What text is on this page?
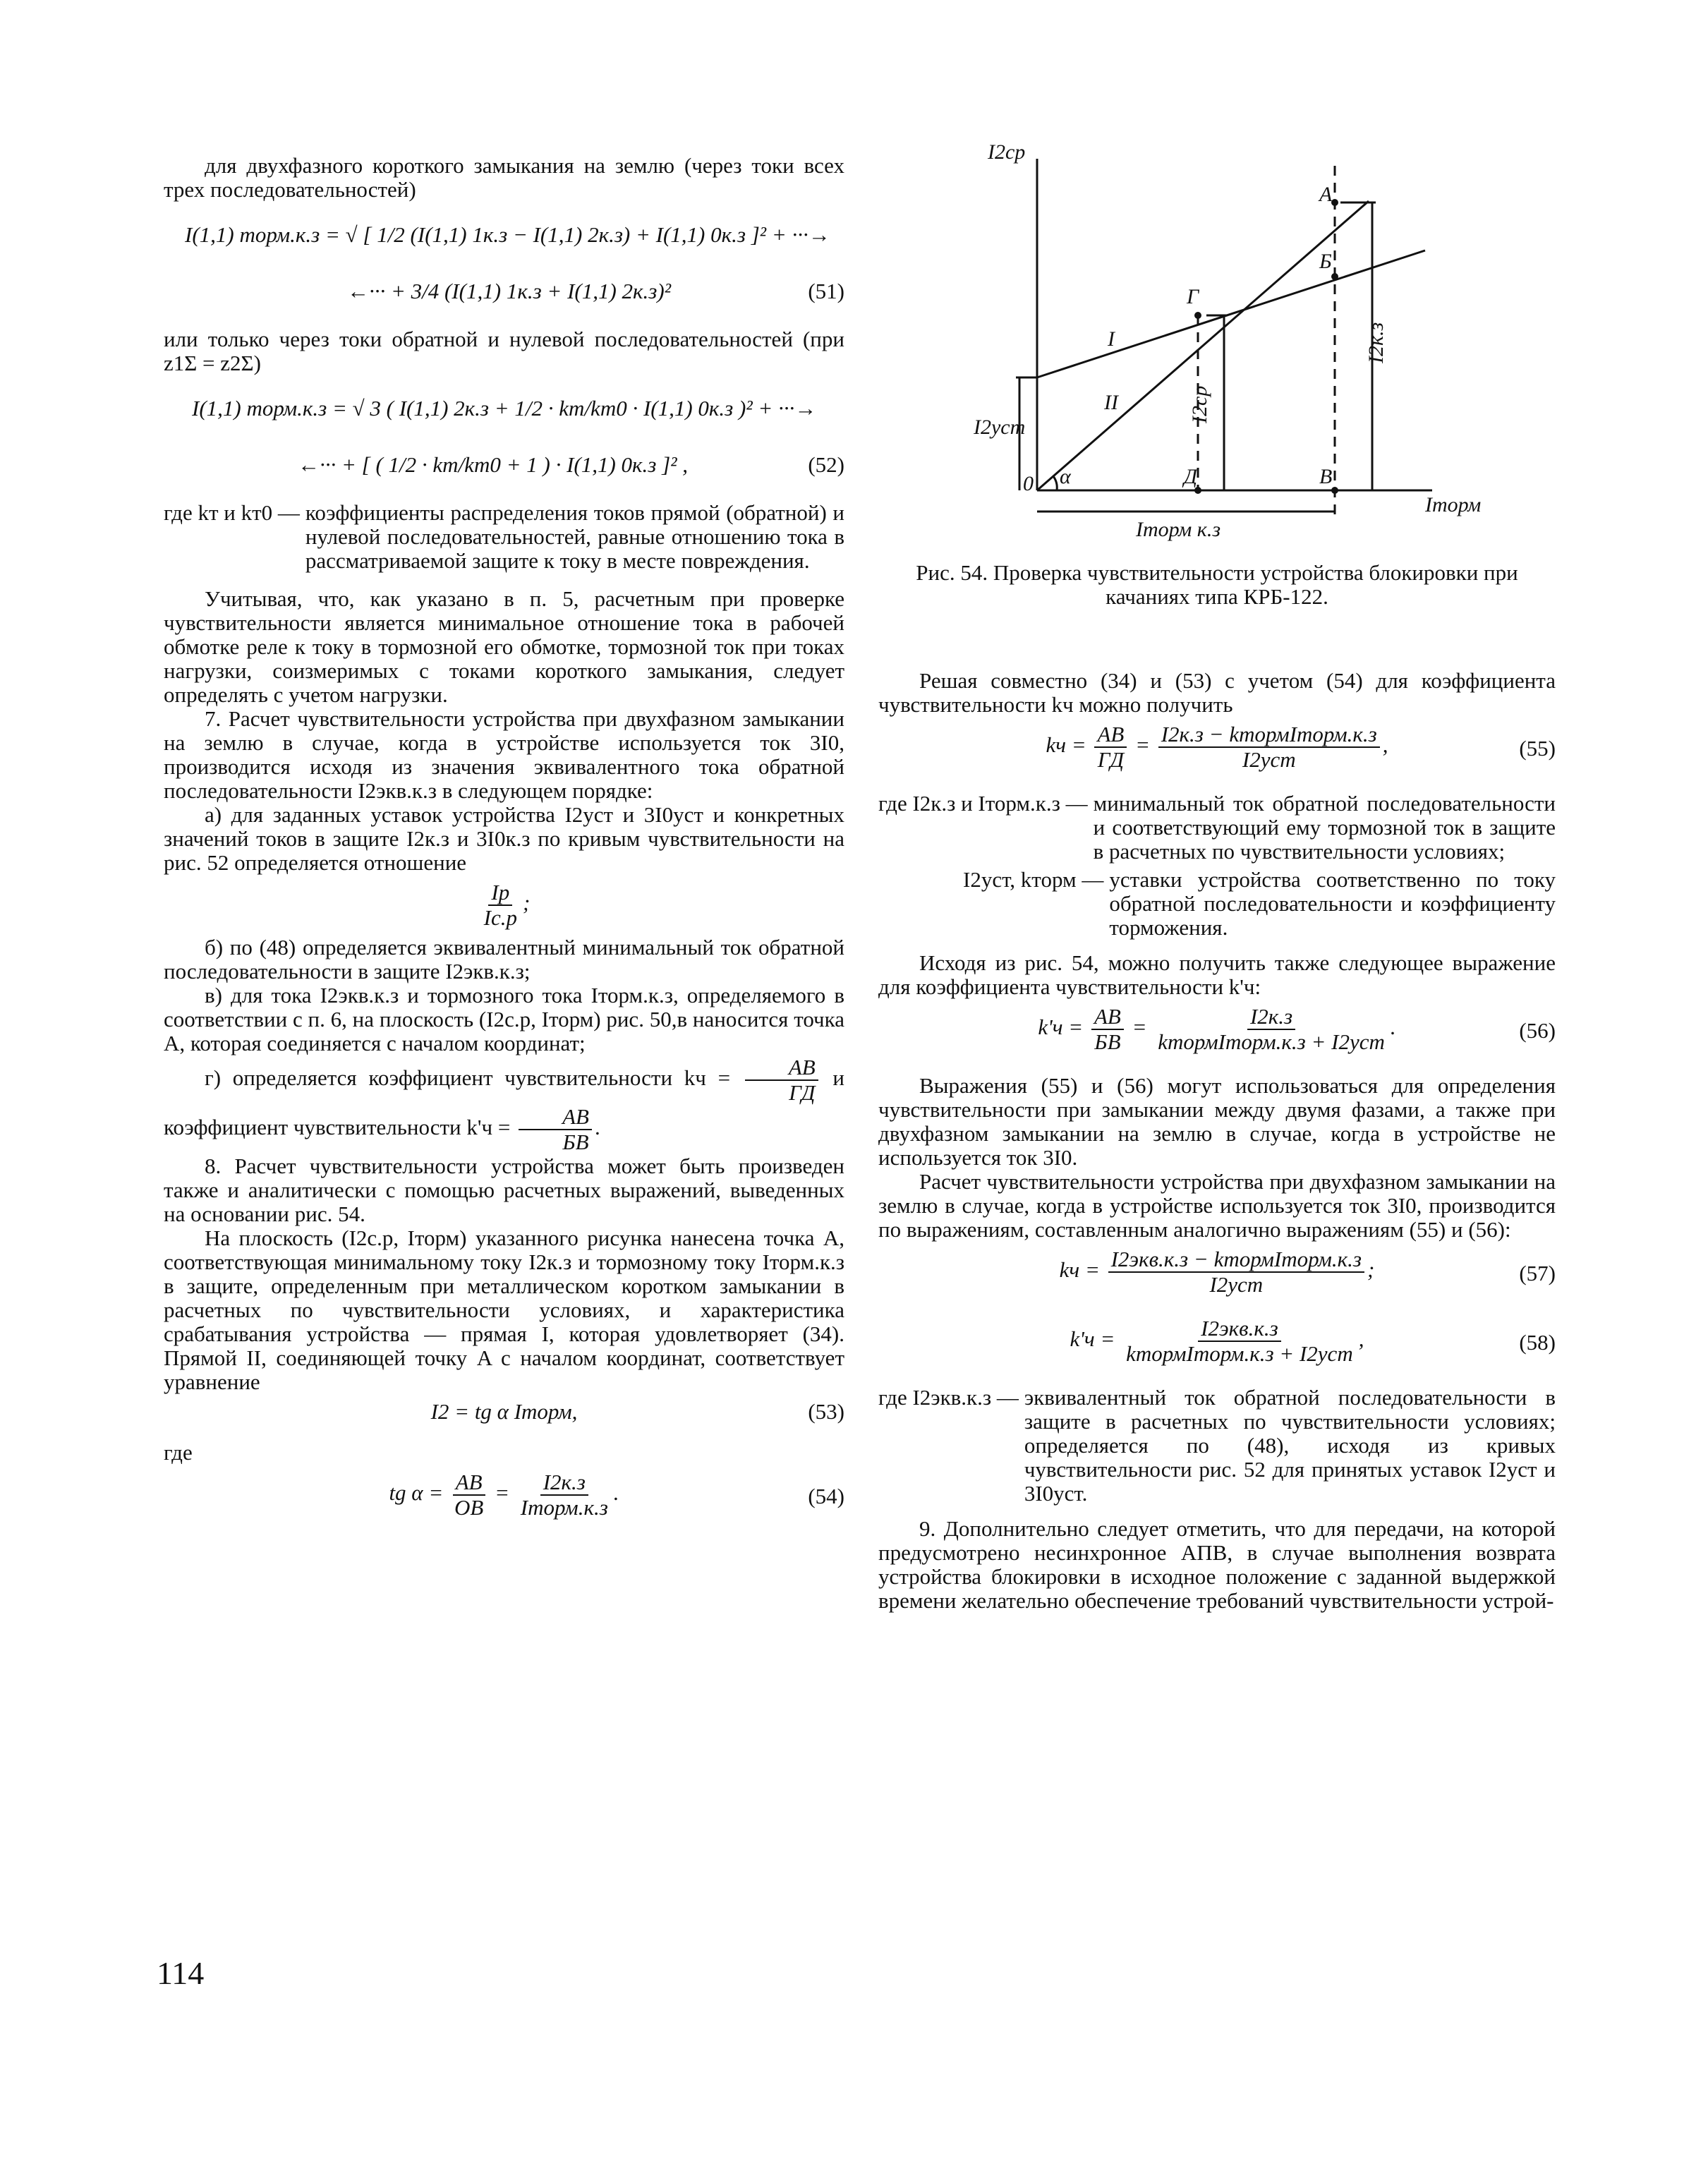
для двухфазного короткого замыкания на землю (через токи всех трех последовательностей)

I(1,1) торм.к.з = √ [ 1/2 (I(1,1) 1к.з − I(1,1) 2к.з) + I(1,1) 0к.з ]² + ···→
←··· + 3/4 (I(1,1) 1к.з + I(1,1) 2к.з)²	(51)

или только через токи обратной и нулевой последовательностей (при z1Σ = z2Σ)

I(1,1) торм.к.з = √ 3 ( I(1,1) 2к.з + 1/2 · kт/kт0 · I(1,1) 0к.з )² + ···→
←··· + [ ( 1/2 · kт/kт0 + 1 ) · I(1,1) 0к.з ]² ,	(52)
где kт и kт0 — коэффициенты распределения токов прямой (обратной) и нулевой последовательностей, равные отношению тока в рассматриваемой защите к току в месте повреждения.

Учитывая, что, как указано в п. 5, расчетным при проверке чувствительности является минимальное отношение тока в рабочей обмотке реле к току в тормозной его обмотке, тормозной ток при токах нагрузки, соизмеримых с токами короткого замыкания, следует определять с учетом нагрузки.

7. Расчет чувствительности устройства при двухфазном замыкании на землю в случае, когда в устройстве используется ток 3I0, производится исходя из значения эквивалентного тока обратной последовательности I2экв.к.з в следующем порядке:

а) для заданных уставок устройства I2уст и 3I0уст и конкретных значений токов в защите I2к.з и 3I0к.з по кривым чувствительности на рис. 52 определяется отношение

$\frac{Iр}{Iс.р}$ ;

б) по (48) определяется эквивалентный минимальный ток обратной последовательности в защите I2экв.к.з;

в) для тока I2экв.к.з и тормозного тока Iторм.к.з, определяемого в соответствии с п. 6, на плоскость (I2с.р, Iторм) рис. 50,в наносится точка A, которая соединяется с началом координат;

г) определяется коэффициент чувствительности kч = $\frac{AB}{ГД}$ и коэффициент чувствительности $k'ч = \frac{AB}{БВ}$ .

8. Расчет чувствительности устройства может быть произведен также и аналитически с помощью расчетных выражений, выведенных на основании рис. 54.

На плоскость (I2с.р, Iторм) указанного рисунка нанесена точка A, соответствующая минимальному току I2к.з и тормозному току Iторм.к.з в защите, определенным при металлическом коротком замыкании в расчетных по чувствительности условиях, и характеристика срабатывания устройства — прямая I, которая удовлетворяет (34). Прямой II, соединяющей точку A с началом координат, соответствует уравнение

I2 = tg α Iторм,	(53)

где

tg $\alpha = \frac{AB}{OB} = \frac{I2к.з}{\text{Iторм.к.з}}$ .	(54)
I2ср
Iторм
0 α
I
II
I2уст
I2ср
I2к.з
Iторм к.з
A
Б
Г
Д	В
Рис. 54. Проверка чувствительности устройства блокировки при качаниях типа КРБ-122.

Решая совместно (34) и (53) с учетом (54) для коэффициента чувствительности kч можно получить

kч = $\frac{AB}{ГД} = \frac{\text{I2к.з − kтормIторм.к.з}}{\text{I2уст}}$ ,	(55)
где I2к.з и Iторм.к.з — минимальный ток обратной последовательности и соответствующий ему тормозной ток в защите в расчетных по чувствительности условиях;
I2уст, kторм — уставки устройства соответственно по току обратной последовательности и коэффициенту торможения.

Исходя из рис. 54, можно получить также следующее выражение для коэффициента чувствительности k'ч:

$k'ч = \frac{AB}{БВ} = \frac{I2к.з}{\text{kтормIторм.к.з + I2уст}}$ .	(56)

Выражения (55) и (56) могут использоваться для определения чувствительности при замыкании между двумя фазами, а также при двухфазном замыкании на землю в случае, когда в устройстве не используется ток 3I0.

Расчет чувствительности устройства при двухфазном замыкании на землю в случае, когда в устройстве используется ток 3I0, производится по выражениям, составленным аналогично выражениям (55) и (56):

kч = $\frac{\text{I2экв.к.з − kтормIторм.к.з}}{\text{I2уст}}$ ;	(57)
$k'ч = \frac{\text{I2экв.к.з}}{\text{kтормIторм.к.з + I2уст}}$ ,	(58)
где I2экв.к.з — эквивалентный ток обратной последовательности в защите в расчетных по чувствительности условиях; определяется по (48), исходя из кривых чувствительности рис. 52 для принятых уставок I2уст и 3I0уст.

9. Дополнительно следует отметить, что для передачи, на которой предусмотрено несинхронное АПВ, в случае выполнения возврата устройства блокировки в исходное положение с заданной выдержкой времени желательно обеспечение требований чувствительности устрой-

114
